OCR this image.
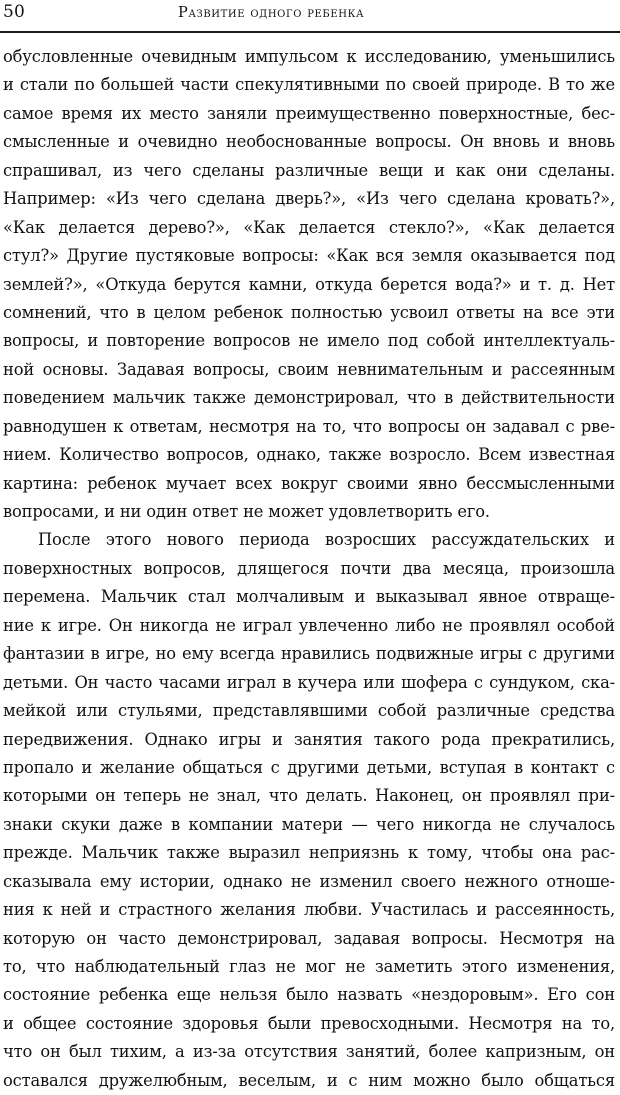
50	Развитие одного ребенка
обусловленные очевидным импульсом к исследованию, уменьшились
и стали по большей части спекулятивными по своей природе. В то же
самое время их место заняли преимущественно поверхностные, бес-
смысленные и очевидно необоснованные вопросы. Он вновь и вновь
спрашивал, из чего сделаны различные вещи и как они сделаны.
Например: «Из чего сделана дверь?», «Из чего сделана кровать?»,
«Как делается дерево?», «Как делается стекло?», «Как делается
стул?» Другие пустяковые вопросы: «Как вся земля оказывается под
землей?», «Откуда берутся камни, откуда берется вода?» и т. д. Нет
сомнений, что в целом ребенок полностью усвоил ответы на все эти
вопросы, и повторение вопросов не имело под собой интеллектуаль-
ной основы. Задавая вопросы, своим невнимательным и рассеянным
поведением мальчик также демонстрировал, что в действительности
равнодушен к ответам, несмотря на то, что вопросы он задавал с рве-
нием. Количество вопросов, однако, также возросло. Всем известная
картина: ребенок мучает всех вокруг своими явно бессмысленными
вопросами, и ни один ответ не может удовлетворить его.
После этого нового периода возросших рассуждательских и
поверхностных вопросов, длящегося почти два месяца, произошла
перемена. Мальчик стал молчаливым и выказывал явное отвраще-
ние к игре. Он никогда не играл увлеченно либо не проявлял особой
фантазии в игре, но ему всегда нравились подвижные игры с другими
детьми. Он часто часами играл в кучера или шофера с сундуком, ска-
мейкой или стульями, представлявшими собой различные средства
передвижения. Однако игры и занятия такого рода прекратились,
пропало и желание общаться с другими детьми, вступая в контакт с
которыми он теперь не знал, что делать. Наконец, он проявлял при-
знаки скуки даже в компании матери — чего никогда не случалось
прежде. Мальчик также выразил неприязнь к тому, чтобы она рас-
сказывала ему истории, однако не изменил своего нежного отноше-
ния к ней и страстного желания любви. Участилась и рассеянность,
которую он часто демонстрировал, задавая вопросы. Несмотря на
то, что наблюдательный глаз не мог не заметить этого изменения,
состояние ребенка еще нельзя было назвать «нездоровым». Его сон
и общее состояние здоровья были превосходными. Несмотря на то,
что он был тихим, а из-за отсутствия занятий, более капризным, он
оставался дружелюбным, веселым, и с ним можно было общаться
